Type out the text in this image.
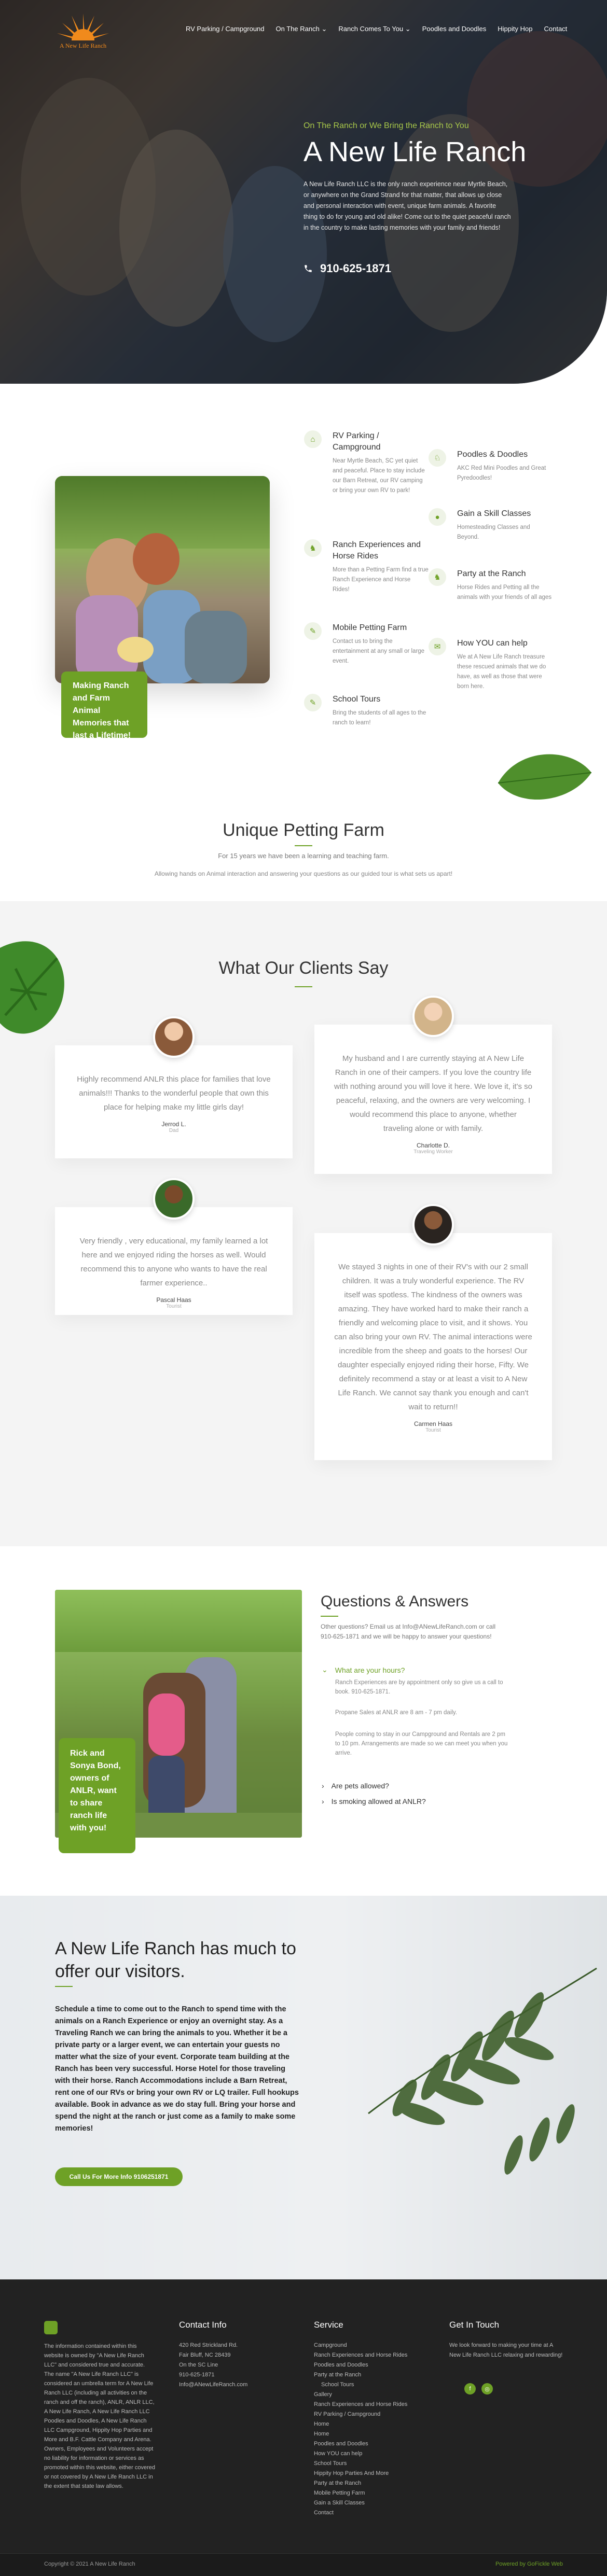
A New Life Ranch
RV Parking / Campground On The Ranch ⌄ Ranch Comes To You ⌄ Poodles and Doodles Hippity Hop Contact
On The Ranch or We Bring the Ranch to You
A New Life Ranch
A New Life Ranch LLC is the only ranch experience near Myrtle Beach, or anywhere on the Grand Strand for that matter, that allows up close and personal interaction with event, unique farm animals. A favorite thing to do for young and old alike! Come out to the quiet peaceful ranch in the country to make lasting memories with your family and friends!
910-625-1871
Making Ranch and Farm Animal Memories that last a Lifetime!
⌂	RV Parking / Campground

Near Myrtle Beach, SC yet quiet and peaceful. Place to stay include our Barn Retreat, our RV camping or bring your own RV to park!

♞	Ranch Experiences and Horse Rides

More than a Petting Farm find a true Ranch Experience and Horse Rides!

✎	Mobile Petting Farm

Contact us to bring the entertainment at any small or large event.

✎	School Tours

Bring the students of all ages to the ranch to learn!

♘	Poodles & Doodles

AKC Red Mini Poodles and Great Pyredoodles!

●	Gain a Skill Classes

Homesteading Classes and Beyond.

♞	Party at the Ranch

Horse Rides and Petting all the animals with your friends of all ages

✉	How YOU can help

We at A New Life Ranch treasure these rescued animals that we do have, as well as those that were born here.

Unique Petting Farm
For 15 years we have been a learning and teaching farm.
Allowing hands on Animal interaction and answering your questions as our guided tour is what sets us apart!
What Our Clients Say

Highly recommend ANLR this place for families that love animals!!! Thanks to the wonderful people that own this place for helping make my little girls day!

Jerrod L.
Dad

My husband and I are currently staying at A New Life Ranch in one of their campers. If you love the country life with nothing around you will love it here. We love it, it's so peaceful, relaxing, and the owners are very welcoming. I would recommend this place to anyone, whether traveling alone or with family.

Charlotte D.
Traveling Worker

Very friendly , very educational, my family learned a lot here and we enjoyed riding the horses as well. Would recommend this to anyone who wants to have the real farmer experience..

Pascal Haas
Tourist

We stayed 3 nights in one of their RV's with our 2 small children. It was a truly wonderful experience. The RV itself was spotless. The kindness of the owners was amazing. They have worked hard to make their ranch a friendly and welcoming place to visit, and it shows. You can also bring your own RV. The animal interactions were incredible from the sheep and goats to the horses! Our daughter especially enjoyed riding their horse, Fifty. We definitely recommend a stay or at least a visit to A New Life Ranch. We cannot say thank you enough and can't wait to return!!

Carmen Haas
Tourist
Rick and Sonya Bond, owners of ANLR, want to share ranch life with you!
Questions & Answers
Other questions? Email us at Info@ANewLifeRanch.com or call 910-625-1871 and we will be happy to answer your questions!
⌄ What are your hours?
Ranch Experiences are by appointment only so give us a call to book. 910-625-1871.
Propane Sales at ANLR are 8 am - 7 pm daily.
People coming to stay in our Campground and Rentals are 2 pm to 10 pm. Arrangements are made so we can meet you when you arrive.
› Are pets allowed?
› Is smoking allowed at ANLR?
A New Life Ranch has much to offer our visitors.
Schedule a time to come out to the Ranch to spend time with the animals on a Ranch Experience or enjoy an overnight stay. As a Traveling Ranch we can bring the animals to you. Whether it be a private party or a larger event, we can entertain your guests no matter what the size of your event. Corporate team building at the Ranch has been very successful. Horse Hotel for those traveling with their horse. Ranch Accommodations include a Barn Retreat, rent one of our RVs or bring your own RV or LQ trailer. Full hookups available. Book in advance as we do stay full. Bring your horse and spend the night at the ranch or just come as a family to make some memories!
Call Us For More Info 9106251871
The information contained within this website is owned by "A New Life Ranch LLC" and considered true and accurate. The name "A New Life Ranch LLC" is considered an umbrella term for A New Life Ranch LLC (including all activities on the ranch and off the ranch), ANLR, ANLR LLC, A New Life Ranch, A New Life Ranch LLC Poodles and Doodles, A New Life Ranch LLC Campground, Hippity Hop Parties and More and B.F. Cattle Company and Arena. Owners, Employees and Volunteers accept no liability for information or services as promoted within this website, either covered or not covered by A New Life Ranch LLC in the extent that state law allows.
Contact Info
420 Red Strickland Rd.
Fair Bluff, NC 28439
On the SC Line
910-625-1871
Info@ANewLifeRanch.com
Service
Campground
Ranch Experiences and Horse Rides
Poodles and Doodles
Party at the Ranch
School Tours
Gallery
Ranch Experiences and Horse Rides
RV Parking / Campground
Home
Home
Poodles and Doodles
How YOU can help
School Tours
Hippity Hop Parties And More
Party at the Ranch
Mobile Petting Farm
Gain a Skill Classes
Contact
Get In Touch
We look forward to making your time at A New Life Ranch LLC relaxing and rewarding!
f	◎
Copyright © 2021 A New Life Ranch	Powered by GoFickle Web
